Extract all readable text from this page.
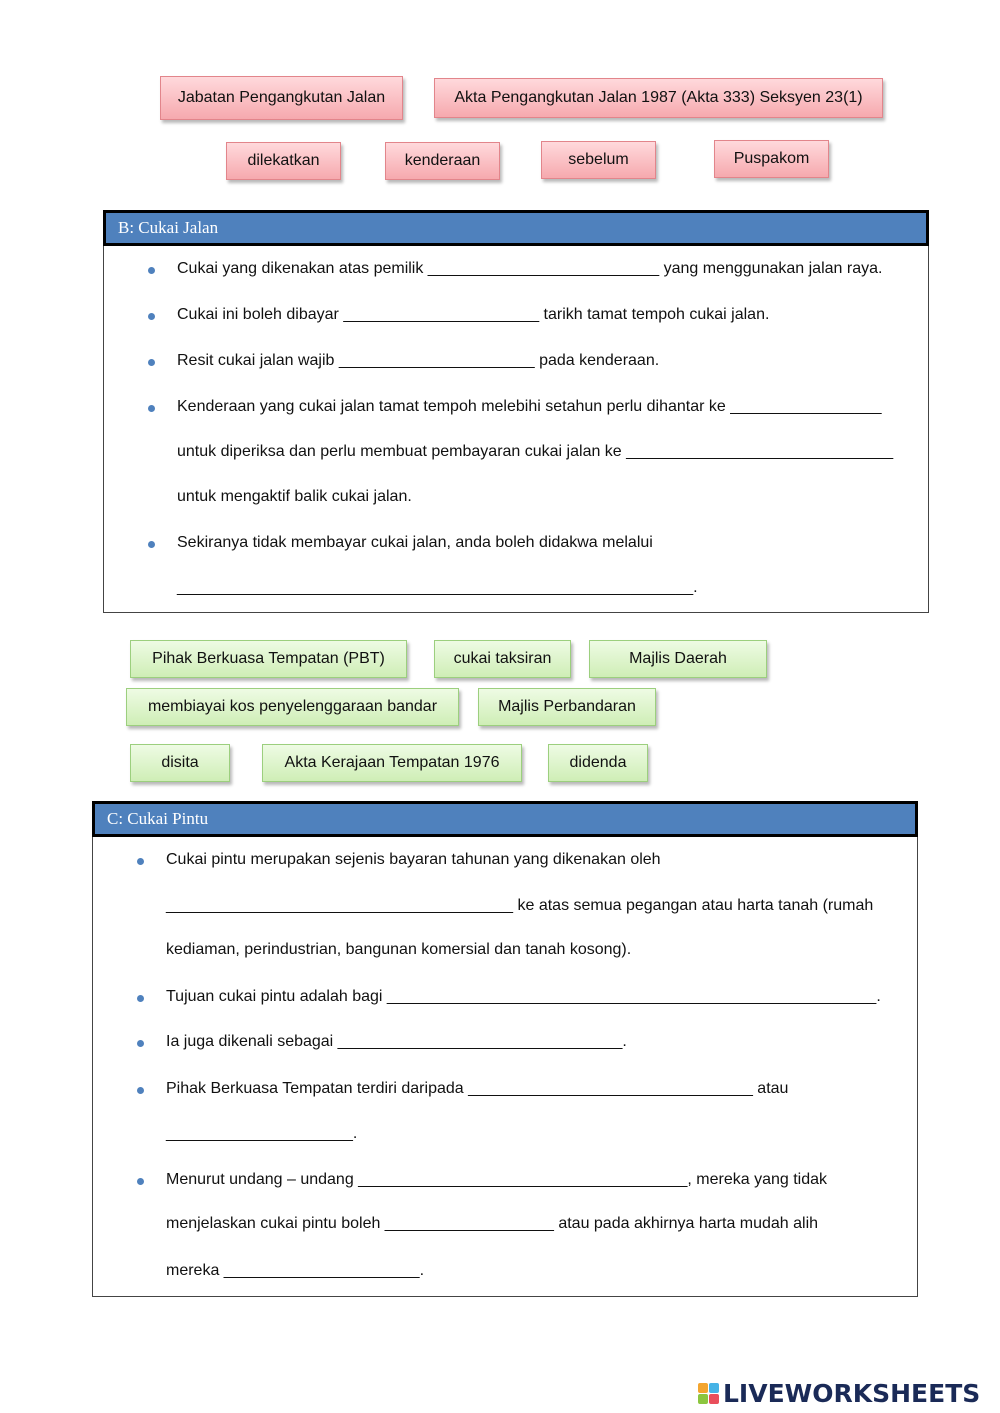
Jabatan Pengangkutan Jalan	Akta Pengangkutan Jalan 1987 (Akta 333) Seksyen 23(1)
dilekatkan	kenderaan	sebelum	Puspakom
B: Cukai Jalan
Cukai yang dikenakan atas pemilik __________________________ yang menggunakan jalan raya.
Cukai ini boleh dibayar ______________________ tarikh tamat tempoh cukai jalan.
Resit cukai jalan wajib ______________________ pada kenderaan.
Kenderaan yang cukai jalan tamat tempoh melebihi setahun perlu dihantar ke _________________
untuk diperiksa dan perlu membuat pembayaran cukai jalan ke ______________________________
untuk mengaktif balik cukai jalan.
Sekiranya tidak membayar cukai jalan, anda boleh didakwa melalui
__________________________________________________________.
Pihak Berkuasa Tempatan (PBT)	cukai taksiran	Majlis Daerah
membiayai kos penyelenggaraan bandar	Majlis Perbandaran
disita	Akta Kerajaan Tempatan 1976	didenda
C: Cukai Pintu
Cukai pintu merupakan sejenis bayaran tahunan yang dikenakan oleh
_______________________________________ ke atas semua pegangan atau harta tanah (rumah
kediaman, perindustrian, bangunan komersial dan tanah kosong).
Tujuan cukai pintu adalah bagi _______________________________________________________.
Ia juga dikenali sebagai ________________________________.
Pihak Berkuasa Tempatan terdiri daripada ________________________________ atau
_____________________.
Menurut undang – undang _____________________________________, mereka yang tidak
menjelaskan cukai pintu boleh ___________________ atau pada akhirnya harta mudah alih
mereka ______________________.
LIVEWORKSHEETS
